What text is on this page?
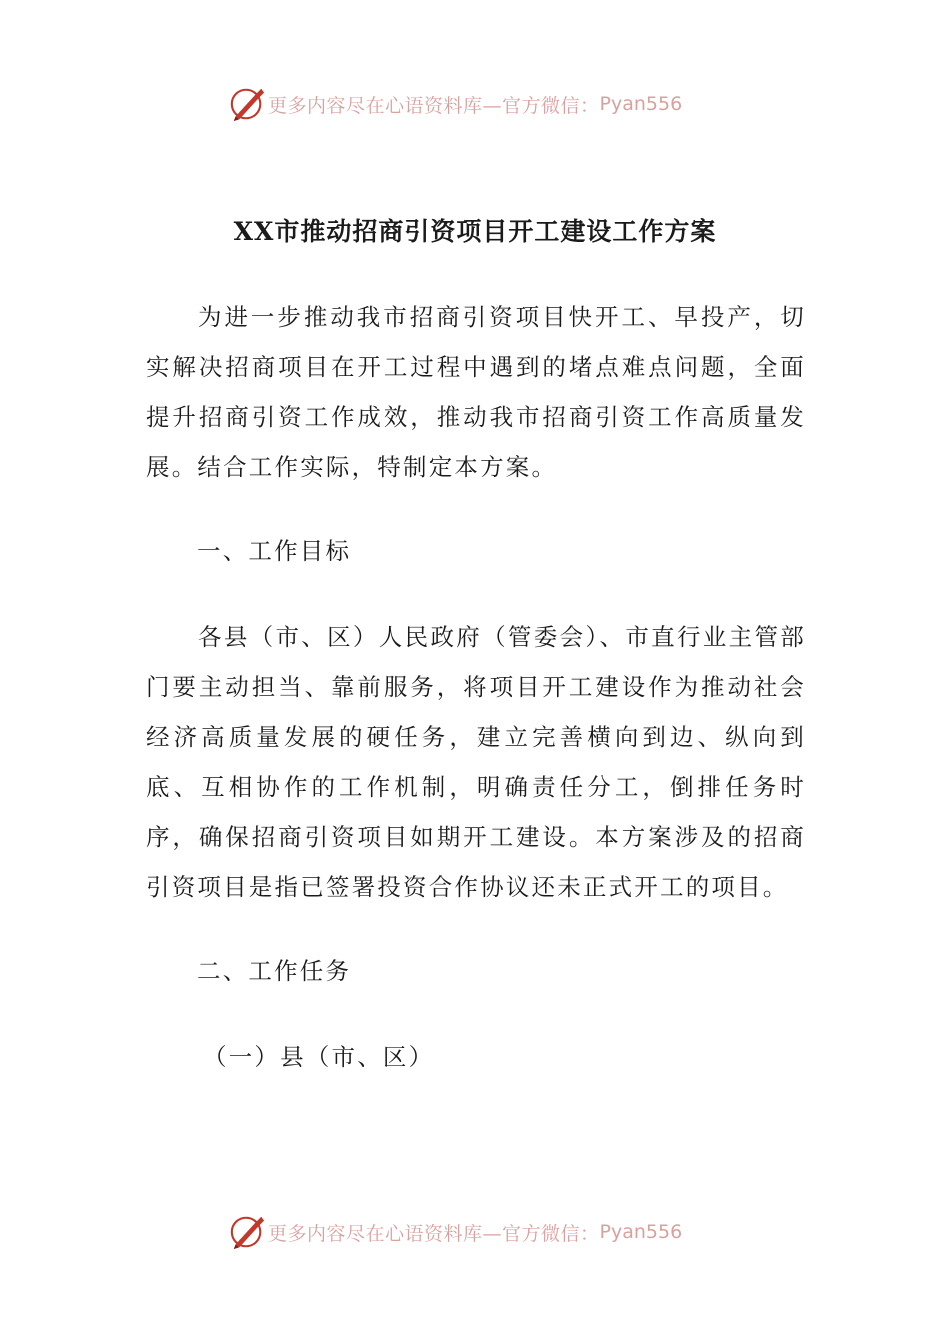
更多内容尽在心语资料库—官方微信： Pyan556
XX市推动招商引资项目开工建设工作方案

为进一步推动我市招商引资项目快开工、早投产，切实解决招商项目在开工过程中遇到的堵点难点问题，全面提升招商引资工作成效，推动我市招商引资工作高质量发展。结合工作实际，特制定本方案。

一、工作目标

各县（市、区）人民政府（管委会）、市直行业主管部门要主动担当、靠前服务，将项目开工建设作为推动社会经济高质量发展的硬任务，建立完善横向到边、纵向到底、互相协作的工作机制，明确责任分工，倒排任务时序，确保招商引资项目如期开工建设。本方案涉及的招商引资项目是指已签署投资合作协议还未正式开工的项目。

二、工作任务
（一）县（市、区）
更多内容尽在心语资料库—官方微信： Pyan556
